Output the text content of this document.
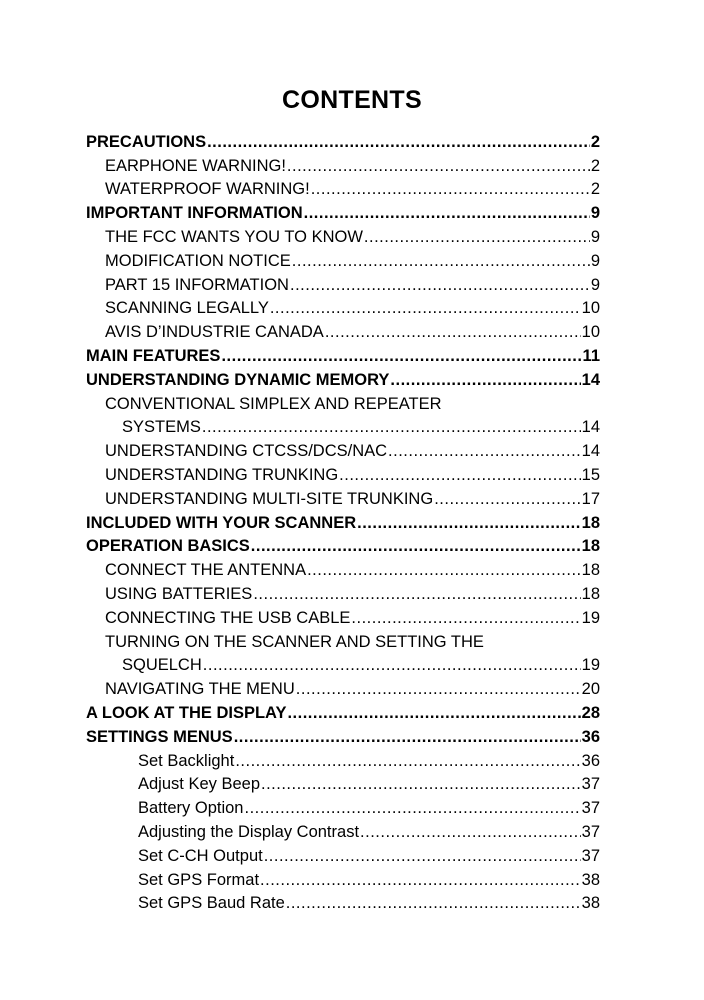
CONTENTS
PRECAUTIONS .....	2
EARPHONE WARNING! .....	2
WATERPROOF WARNING! .....	2
IMPORTANT INFORMATION .....	9
THE FCC WANTS YOU TO KNOW .....	9
MODIFICATION NOTICE .....	9
PART 15 INFORMATION .....	9
SCANNING LEGALLY .....	10
AVIS D’INDUSTRIE CANADA .....	10
MAIN FEATURES .....	11
UNDERSTANDING DYNAMIC MEMORY .....	14
CONVENTIONAL SIMPLEX AND REPEATER
SYSTEMS .....	14
UNDERSTANDING CTCSS/DCS/NAC .....	14
UNDERSTANDING TRUNKING .....	15
UNDERSTANDING MULTI-SITE TRUNKING .....	17
INCLUDED WITH YOUR SCANNER .....	18
OPERATION BASICS .....	18
CONNECT THE ANTENNA .....	18
USING BATTERIES .....	18
CONNECTING THE USB CABLE .....	19
TURNING ON THE SCANNER AND SETTING THE
SQUELCH .....	19
NAVIGATING THE MENU .....	20
A LOOK AT THE DISPLAY .....	28
SETTINGS MENUS .....	36
Set Backlight .....	36
Adjust Key Beep .....	37
Battery Option .....	37
Adjusting the Display Contrast .....	37
Set C-CH Output .....	37
Set GPS Format .....	38
Set GPS Baud Rate .....	38
